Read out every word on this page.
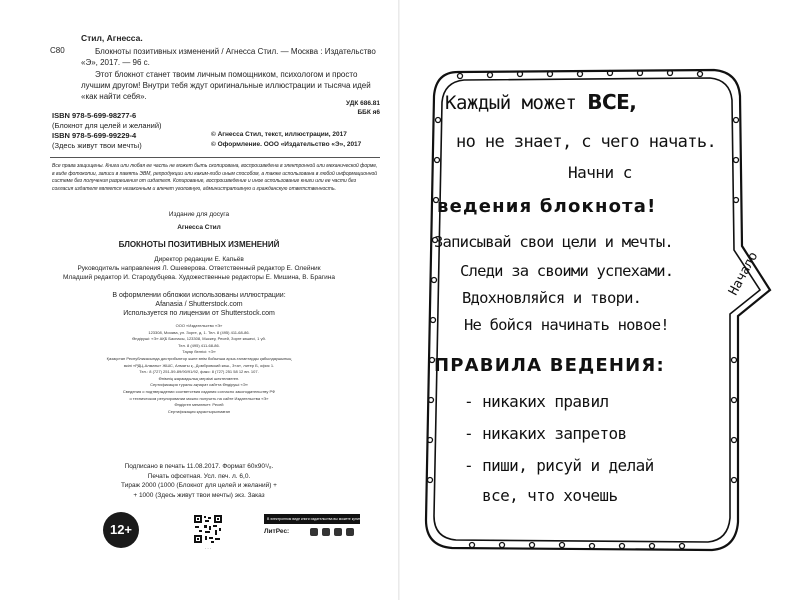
Стил, Агнесса.

С80	Блокноты позитивных изменений / Агнесса Стил. — Москва : Издательство «Э», 2017. — 96 с.

Этот блокнот станет твоим личным помощником, психологом и просто лучшим другом! Внутри тебя ждут оригинальные иллюстрации и тысяча идей «как найти себя».

УДК 686.81
ББК я6
ISBN 978-5-699-98277-6
(Блокнот для целей и желаний)
ISBN 978-5-699-99229-4
(Здесь живут твои мечты)
© Агнесса Стил, текст, иллюстрации, 2017
© Оформление. ООО «Издательство «Э», 2017

Все права защищены. Книга или любая ее часть не может быть скопирована, воспроизведена в электронной или механической форме, в виде фотокопии, записи в память ЭВМ, репродукции или каким-либо иным способом, а также использована в любой информационной системе без получения разрешения от издателя. Копирование, воспроизведение и иное использование книги или ее части без согласия издателя является незаконным и влечет уголовную, административную и гражданскую ответственность.

Издание для досуга

Агнесса Стил

БЛОКНОТЫ ПОЗИТИВНЫХ ИЗМЕНЕНИЙ

Директор редакции Е. Капьёв
Руководитель направления Л. Ошеверова. Ответственный редактор Е. Олейник
Младший редактор И. Стародубцева. Художественные редакторы Е. Мишина, В. Брагина
В оформлении обложки использованы иллюстрации:
Afanasia / Shutterstock.com
Используется по лицензии от Shutterstock.com
ООО «Издательство «Э»
123308, Москва, ул. Зорге, д. 1. Тел. 8 (495) 411-68-86.
Өндіруші: «Э» АҚБ Баспасы, 123308, Мәскеу, Ресей, Зорге көшесі, 1 үй.
Тел. 8 (495) 411-68-86.
Тауар белгісі: «Э»
Қазақстан Республикасында дистрибьютор және өнім бойынша арыз-талаптарды қабылдаушының
өкілі «РДЦ-Алматы» ЖШС, Алматы қ., Домбровский көш., 3«а», литер Б, офис 1.
Тел.: 8 (727) 251-59-89/90/91/92, факс: 8 (727) 251 58 12 вн. 107.
Өнімнің жарамдылық мерзімі шектелмеген.
Сертификация туралы ақпарат сайтта Өндіруші «Э»
Сведения о подтверждении соответствия издания согласно законодательству РФ
о техническом регулировании можно получить на сайте Издательства «Э»
Өндірген мемлекет: Ресей
Сертификация қарастырылмаған
Подписано в печать 11.08.2017. Формат 60x90¹/₈.
Печать офсетная. Усл. печ. л. 6,0.
Тираж 2000 (1000 (Блокнот для целей и желаний) +
+ 1000 (Здесь живут твои мечты) экз. Заказ
12+
· · ·
В электронном виде книги издательства вы можете купить на www.litres.ru
ЛитРес:
Каждый может ВСЕ,
но не знает, с чего начать.
Начни с
ведения блокнота!
Записывай свои цели и мечты.
Следи за своими успехами.
Вдохновляйся и твори.
Не бойся начинать новое!
ПРАВИЛА ВЕДЕНИЯ:
- никаких правил
- никаких запретов
- пиши, рисуй и делай
все, что хочешь
Начало
